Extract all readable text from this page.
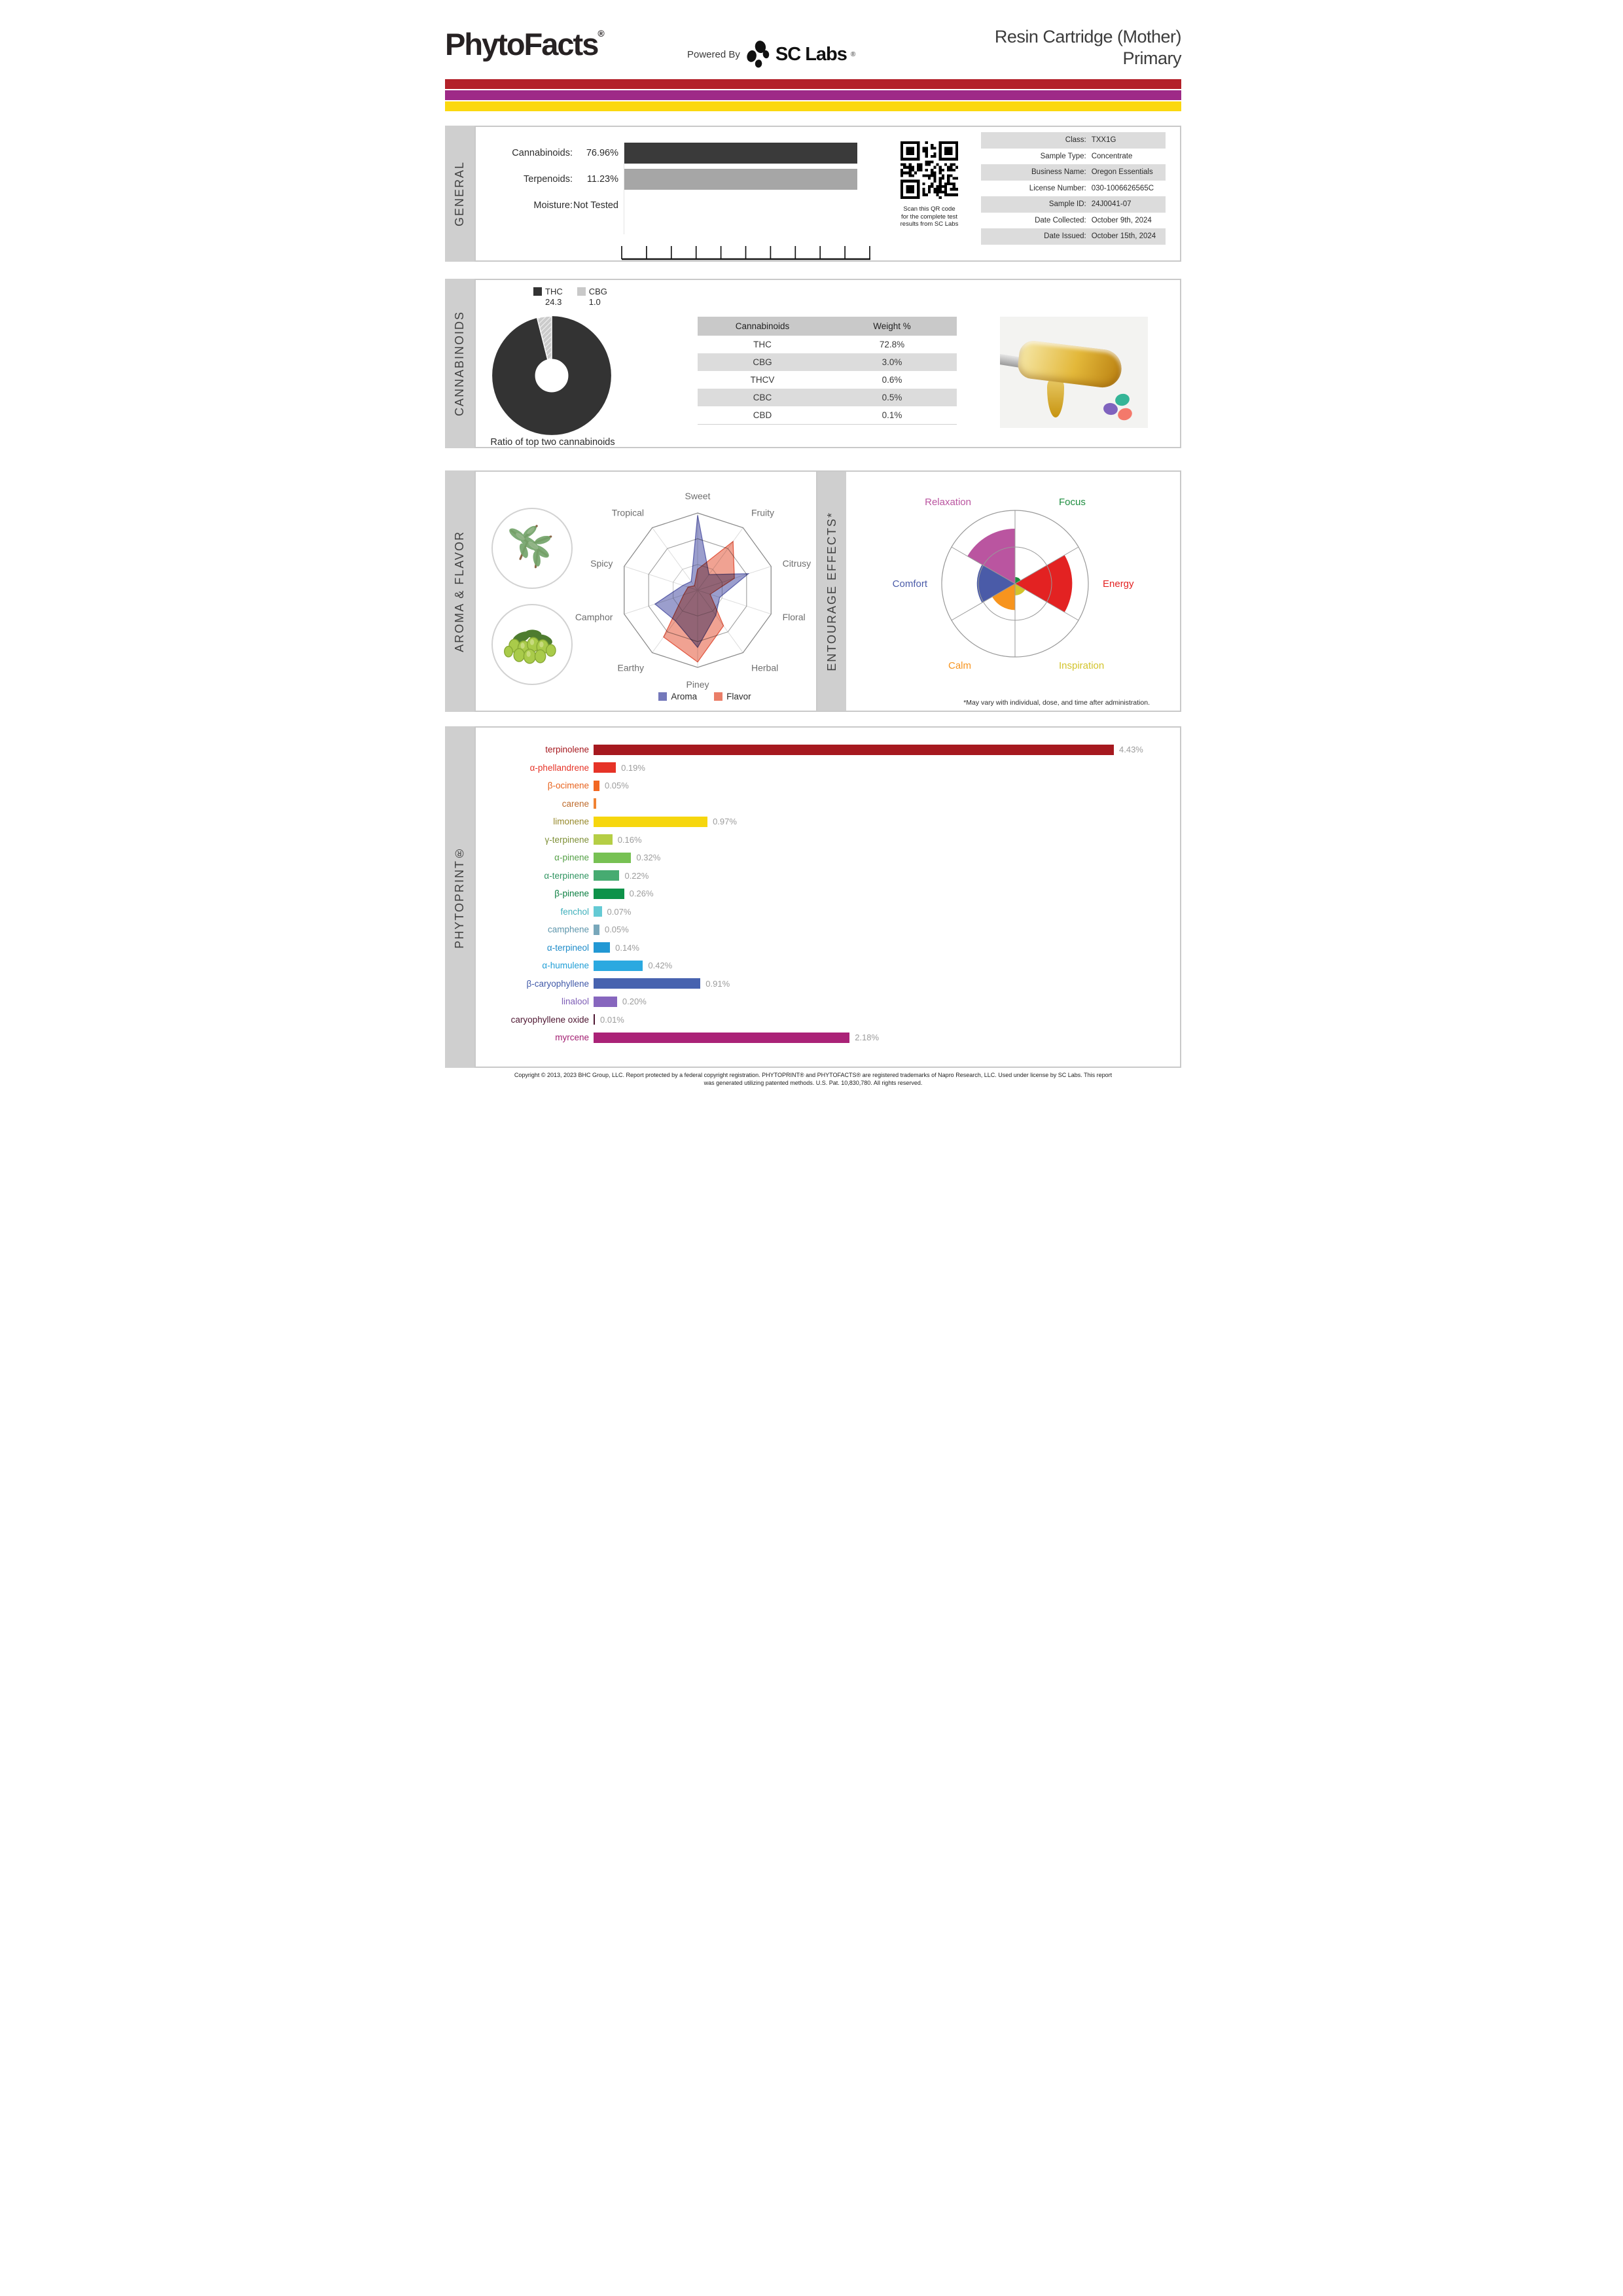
PhytoFacts®
Powered By SC Labs ®
Resin Cartridge (Mother)
Primary
GENERAL
Cannabinoids:	76.96%
Terpenoids:	11.23%
Moisture: Not Tested	Scan this QR code
for the complete test
results from SC Labs
Class: TXX1G
Sample Type: Concentrate
Business Name: Oregon Essentials
License Number: 030-1006626565C
Sample ID: 24J0041-07
Date Collected: October 9th, 2024
Date Issued: October 15th, 2024
CANNABINOIDS
THC
24.3
CBG
1.0
Ratio of top two cannabinoids
Cannabinoids	Weight %
THC	72.8%
CBG	3.0%
THCV	0.6%
CBC	0.5%
CBD	0.1%
AROMA & FLAVOR
Sweet
Fruity
Citrusy
Floral
Herbal
Piney
Earthy
Camphor
Spicy
Tropical
Aroma	Flavor
ENTOURAGE EFFECTS*
Focus
Energy
Inspiration
Calm
Comfort
Relaxation
*May vary with individual, dose, and time after administration.
PHYTOPRINT®
terpinolene	4.43%
α-phellandrene	0.19%
β-ocimene	0.05%
carene
limonene	0.97%
γ-terpinene	0.16%
α-pinene	0.32%
α-terpinene	0.22%
β-pinene	0.26%
fenchol	0.07%
camphene	0.05%
α-terpineol	0.14%
α-humulene	0.42%
β-caryophyllene	0.91%
linalool	0.20%
caryophyllene oxide	0.01%
myrcene	2.18%
Copyright © 2013, 2023 BHC Group, LLC. Report protected by a federal copyright registration. PHYTOPRINT® and PHYTOFACTS® are registered trademarks of Napro Research, LLC. Used under license by SC Labs. This report
was generated utilizing patented methods. U.S. Pat. 10,830,780. All rights reserved.
